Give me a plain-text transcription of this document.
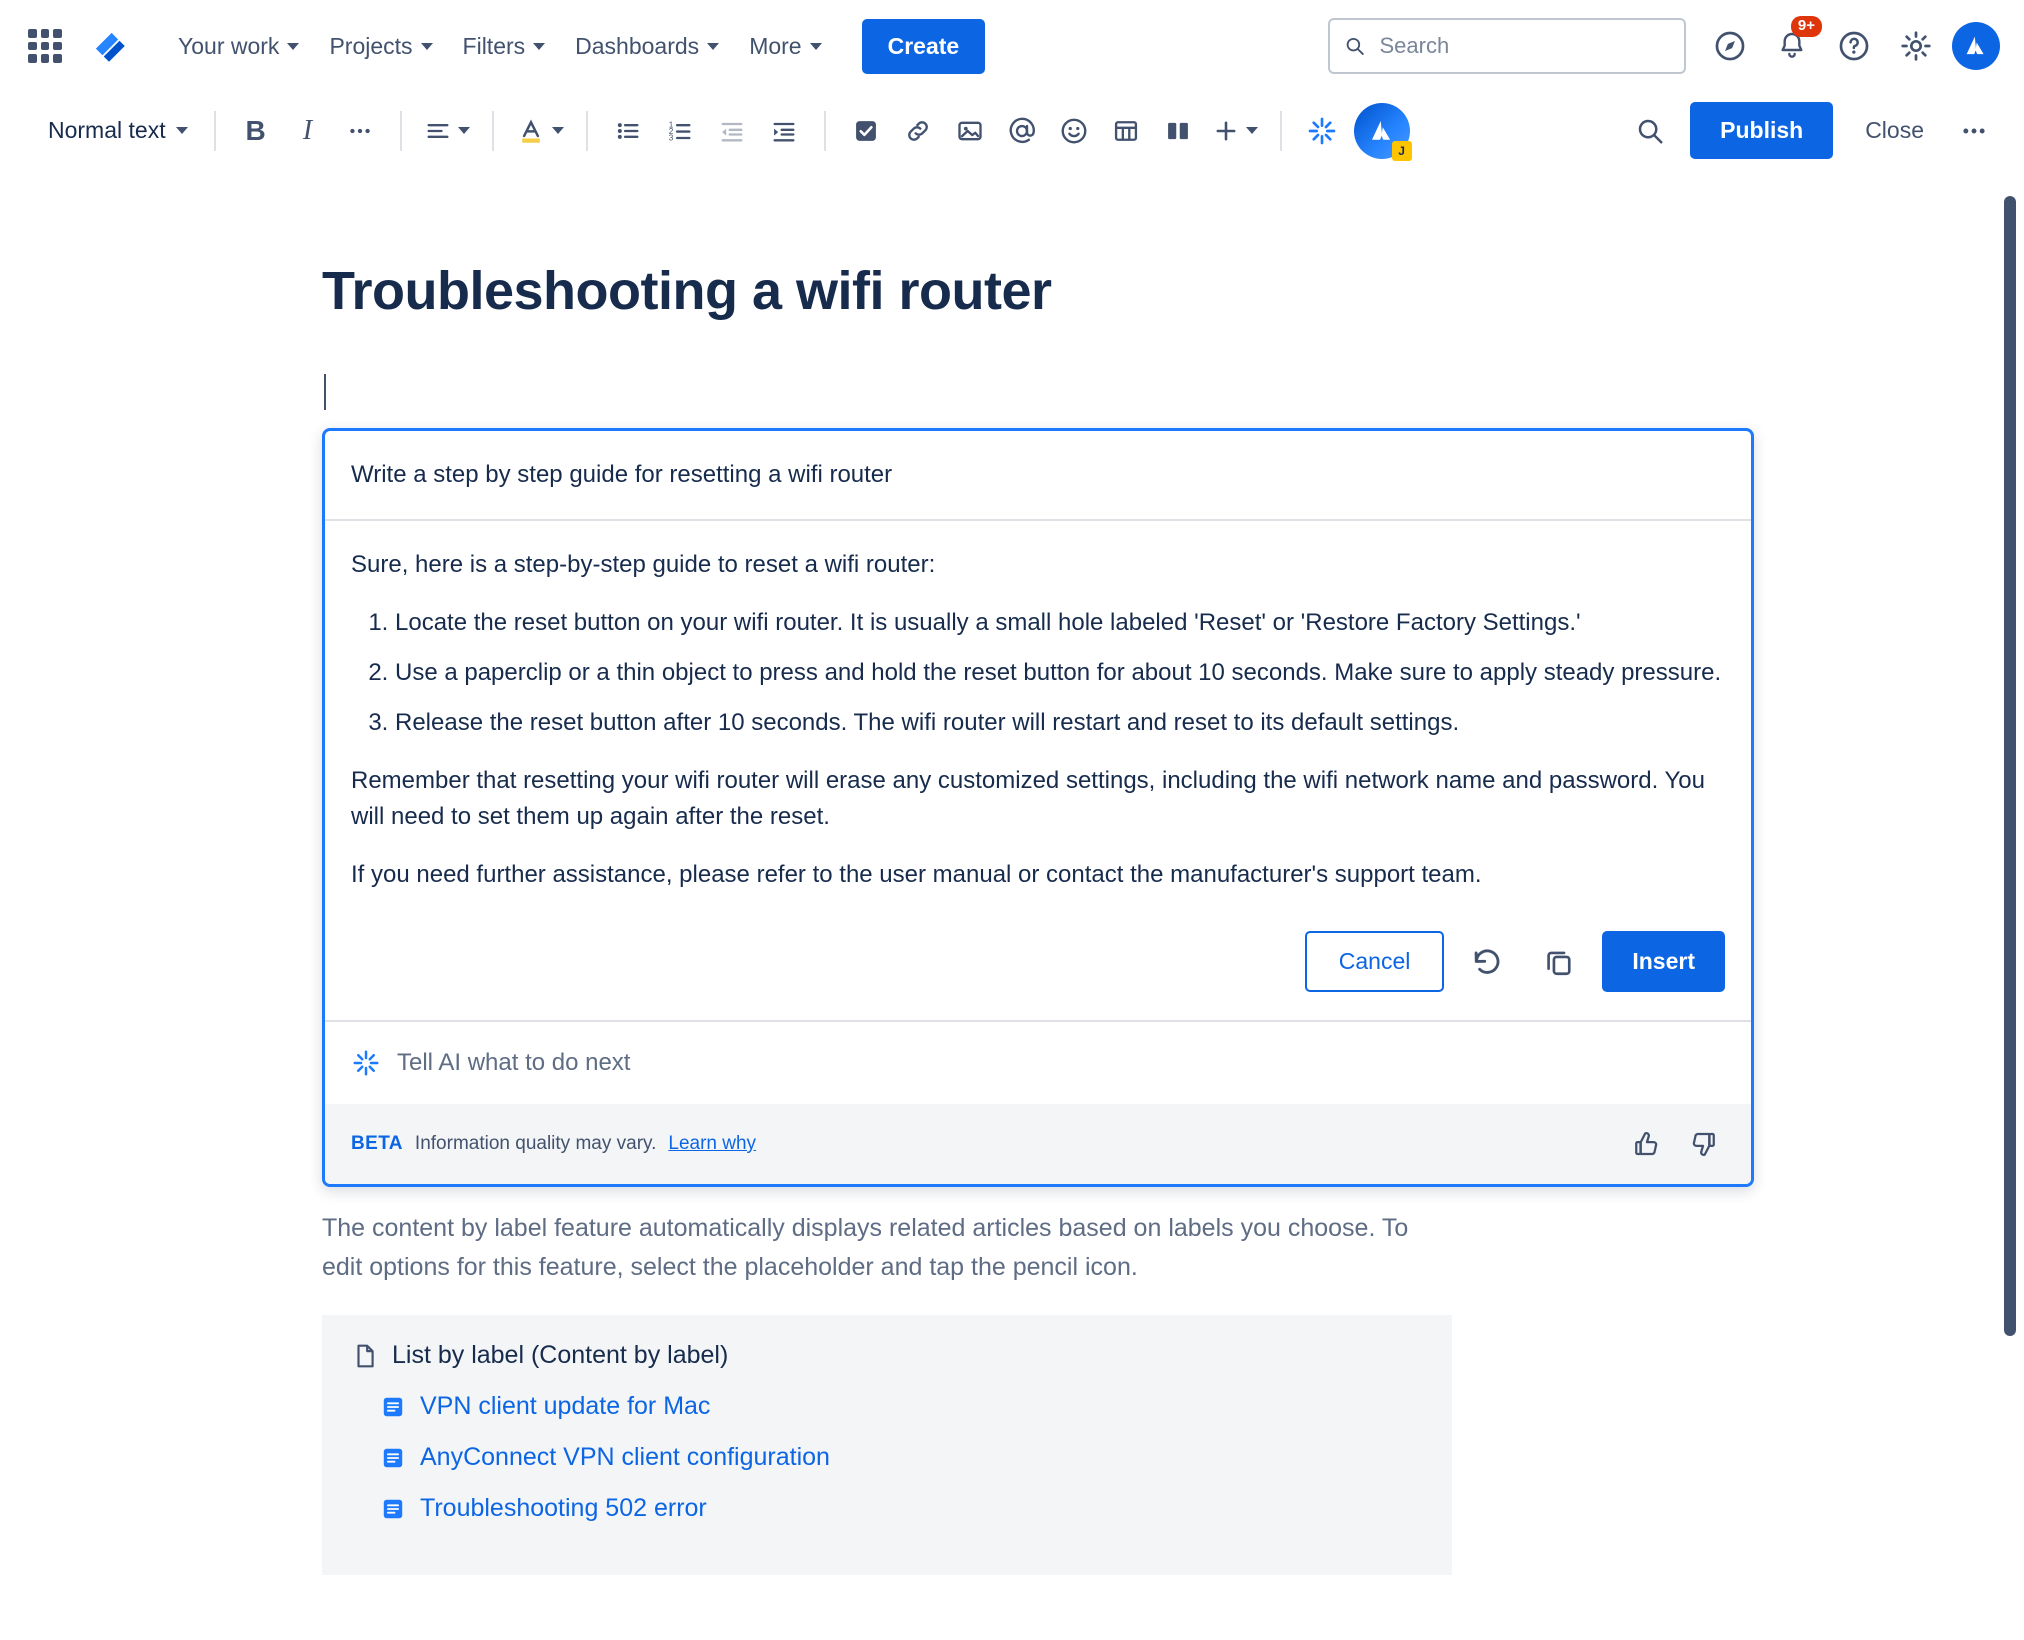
Your work Projects Filters Dashboards More	Create
Search
9+
Normal text	B I	1
2
3
J
Publish	Close
Troubleshooting a wifi router
Write a step by step guide for resetting a wifi router

Sure, here is a step-by-step guide to reset a wifi router:

1. Locate the reset button on your wifi router. It is usually a small hole labeled 'Reset' or 'Restore Factory Settings.'
2. Use a paperclip or a thin object to press and hold the reset button for about 10 seconds. Make sure to apply steady pressure.
3. Release the reset button after 10 seconds. The wifi router will restart and reset to its default settings.

Remember that resetting your wifi router will erase any customized settings, including the wifi network name and password. You will need to set them up again after the reset.

If you need further assistance, please refer to the user manual or contact the manufacturer's support team.

Cancel	Insert
Tell AI what to do next
BETA Information quality may vary. Learn why

The content by label feature automatically displays related articles based on labels you choose. To edit options for this feature, select the placeholder and tap the pencil icon.

List by label (Content by label)
VPN client update for Mac
AnyConnect VPN client configuration
Troubleshooting 502 error
